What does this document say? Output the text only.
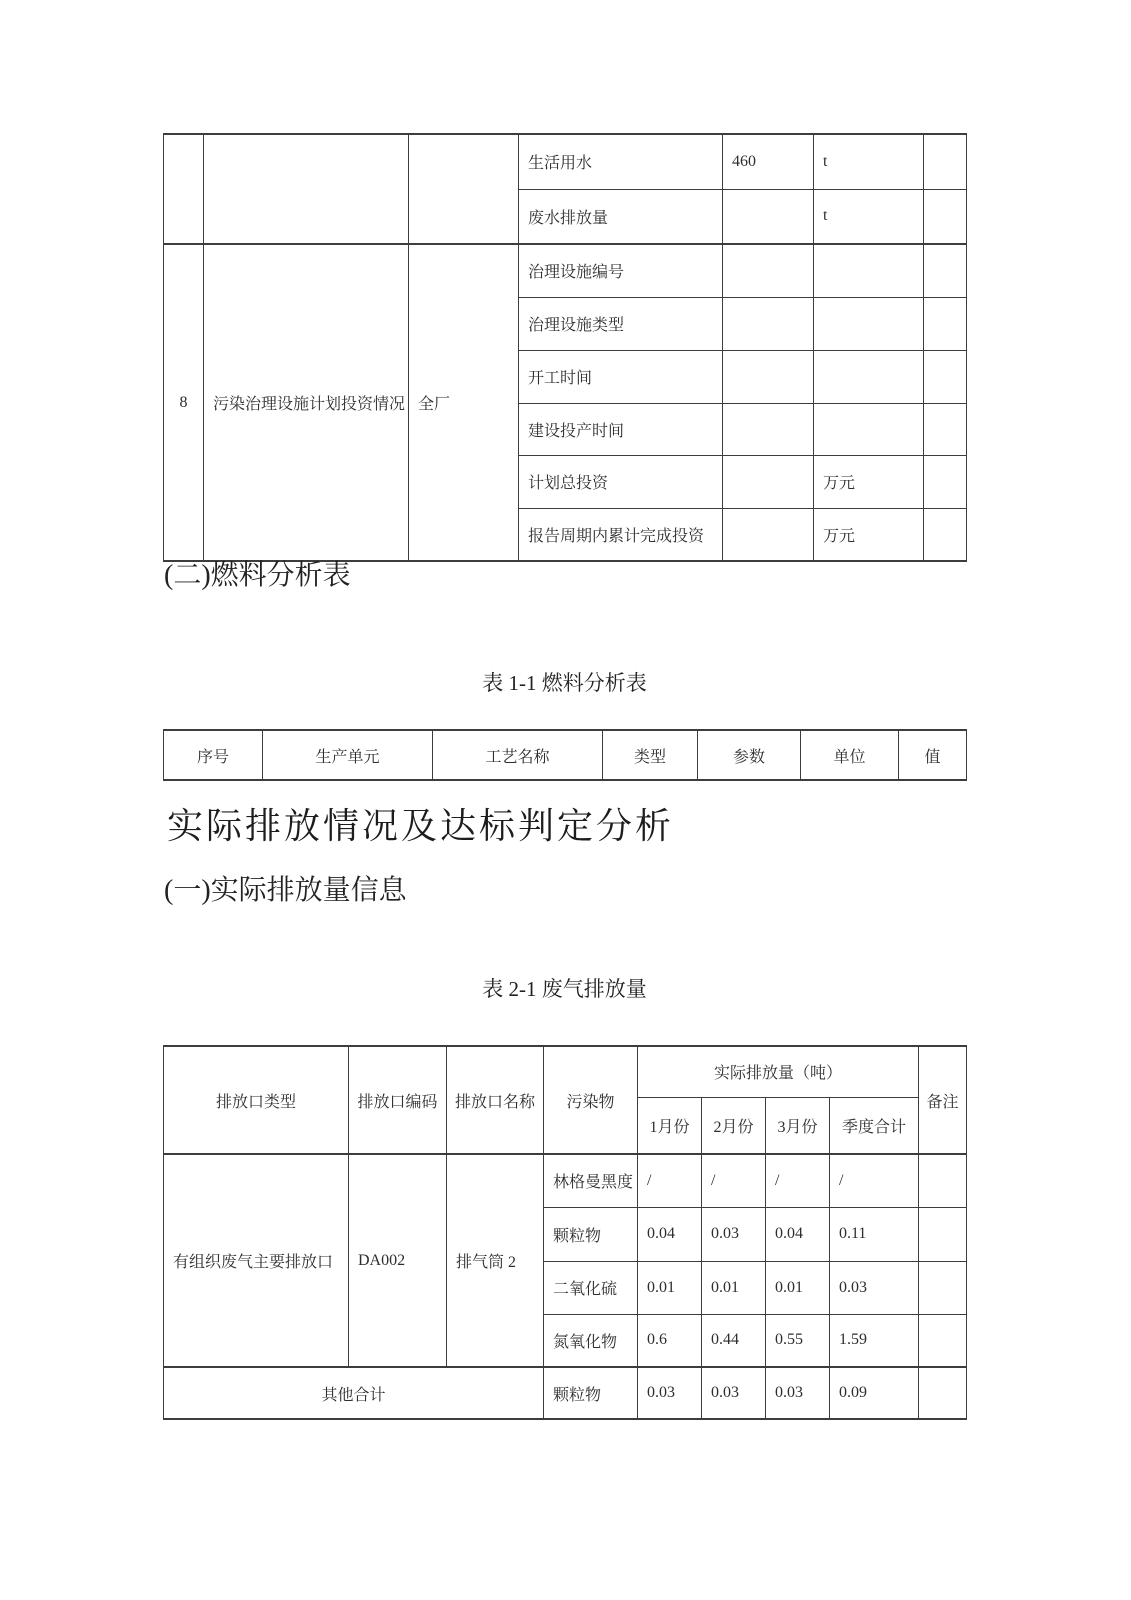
			生活用水	460	t	
			废水排放量		t	
8	污染治理设施计划投资情况	全厂	治理设施编号			
			治理设施类型			
			开工时间			
			建设投产时间			
			计划总投资		万元	
			报告周期内累计完成投资		万元	
(二)燃料分析表
表 1-1 燃料分析表
序号	生产单元	工艺名称	类型	参数	单位	值
实际排放情况及达标判定分析
(一)实际排放量信息
表 2-1 废气排放量
排放口类型	排放口编码	排放口名称	污染物	实际排放量（吨）				备注
				1月份	2月份	3月份	季度合计	
有组织废气主要排放口	DA002	排气筒 2	林格曼黑度	/	/	/	/	
			颗粒物	0.04	0.03	0.04	0.11	
			二氧化硫	0.01	0.01	0.01	0.03	
			氮氧化物	0.6	0.44	0.55	1.59	
其他合计			颗粒物	0.03	0.03	0.03	0.09	
